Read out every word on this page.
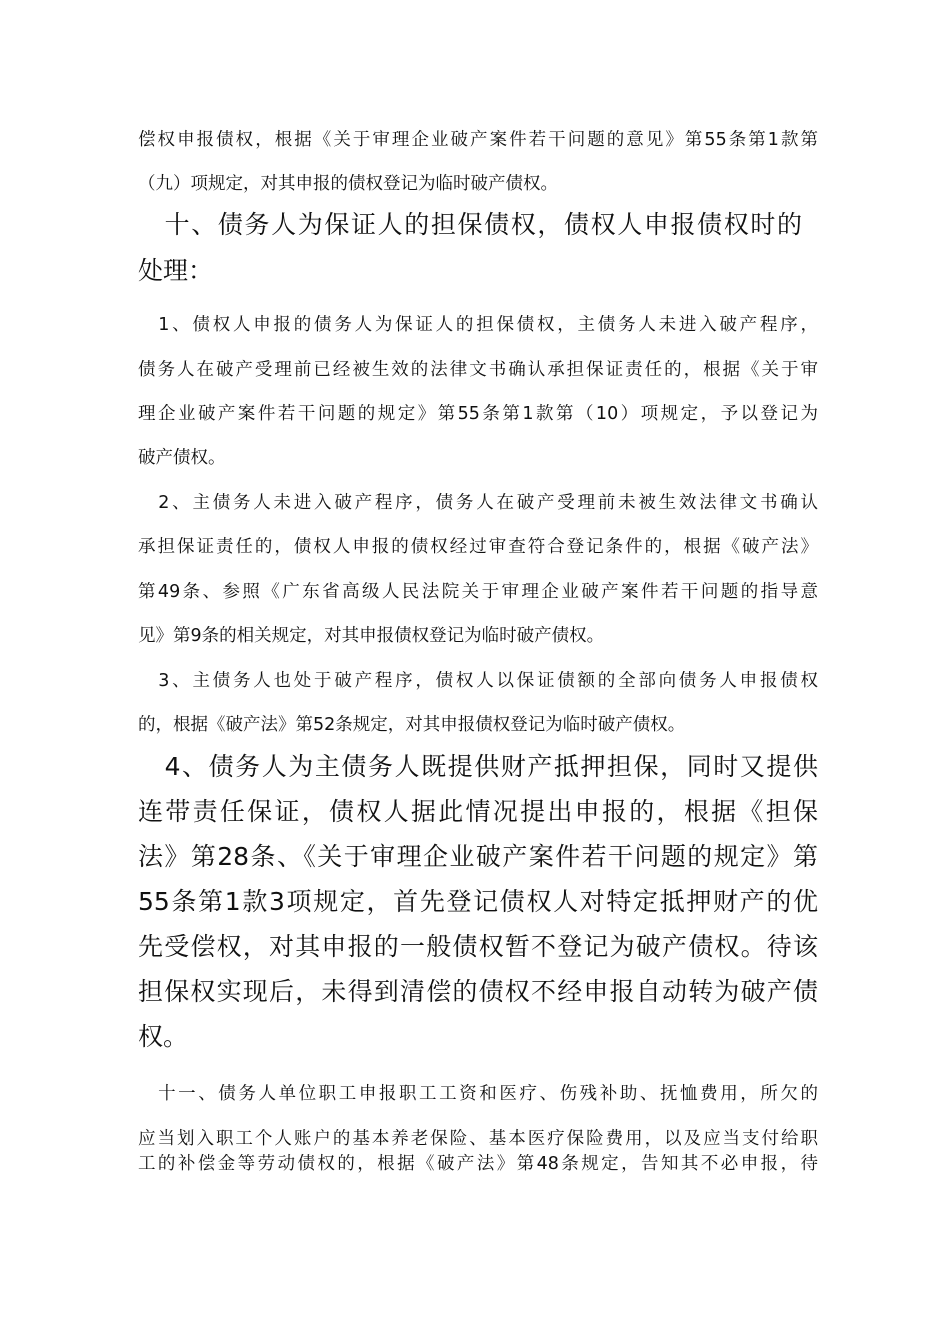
偿权申报债权，根据《关于审理企业破产案件若干问题的意见》第55条第1款第
（九）项规定，对其申报的债权登记为临时破产债权。
　十、债务人为保证人的担保债权，债权人申报债权时的
处理：
　1、债权人申报的债务人为保证人的担保债权，主债务人未进入破产程序，
债务人在破产受理前已经被生效的法律文书确认承担保证责任的，根据《关于审
理企业破产案件若干问题的规定》第55条第1款第（10）项规定，予以登记为
破产债权。
　2、主债务人未进入破产程序，债务人在破产受理前未被生效法律文书确认
承担保证责任的，债权人申报的债权经过审查符合登记条件的，根据《破产法》
第49条、参照《广东省高级人民法院关于审理企业破产案件若干问题的指导意
见》第9条的相关规定，对其申报债权登记为临时破产债权。
　3、主债务人也处于破产程序，债权人以保证债额的全部向债务人申报债权
的，根据《破产法》第52条规定，对其申报债权登记为临时破产债权。
　4、债务人为主债务人既提供财产抵押担保，同时又提供
连带责任保证，债权人据此情况提出申报的，根据《担保
法》第28条、《关于审理企业破产案件若干问题的规定》第
55条第1款3项规定，首先登记债权人对特定抵押财产的优
先受偿权，对其申报的一般债权暂不登记为破产债权。待该
担保权实现后，未得到清偿的债权不经申报自动转为破产债
权。
　十一、债务人单位职工申报职工工资和医疗、伤残补助、抚恤费用，所欠的
应当划入职工个人账户的基本养老保险、基本医疗保险费用，以及应当支付给职
工的补偿金等劳动债权的，根据《破产法》第48条规定，告知其不必申报，待
